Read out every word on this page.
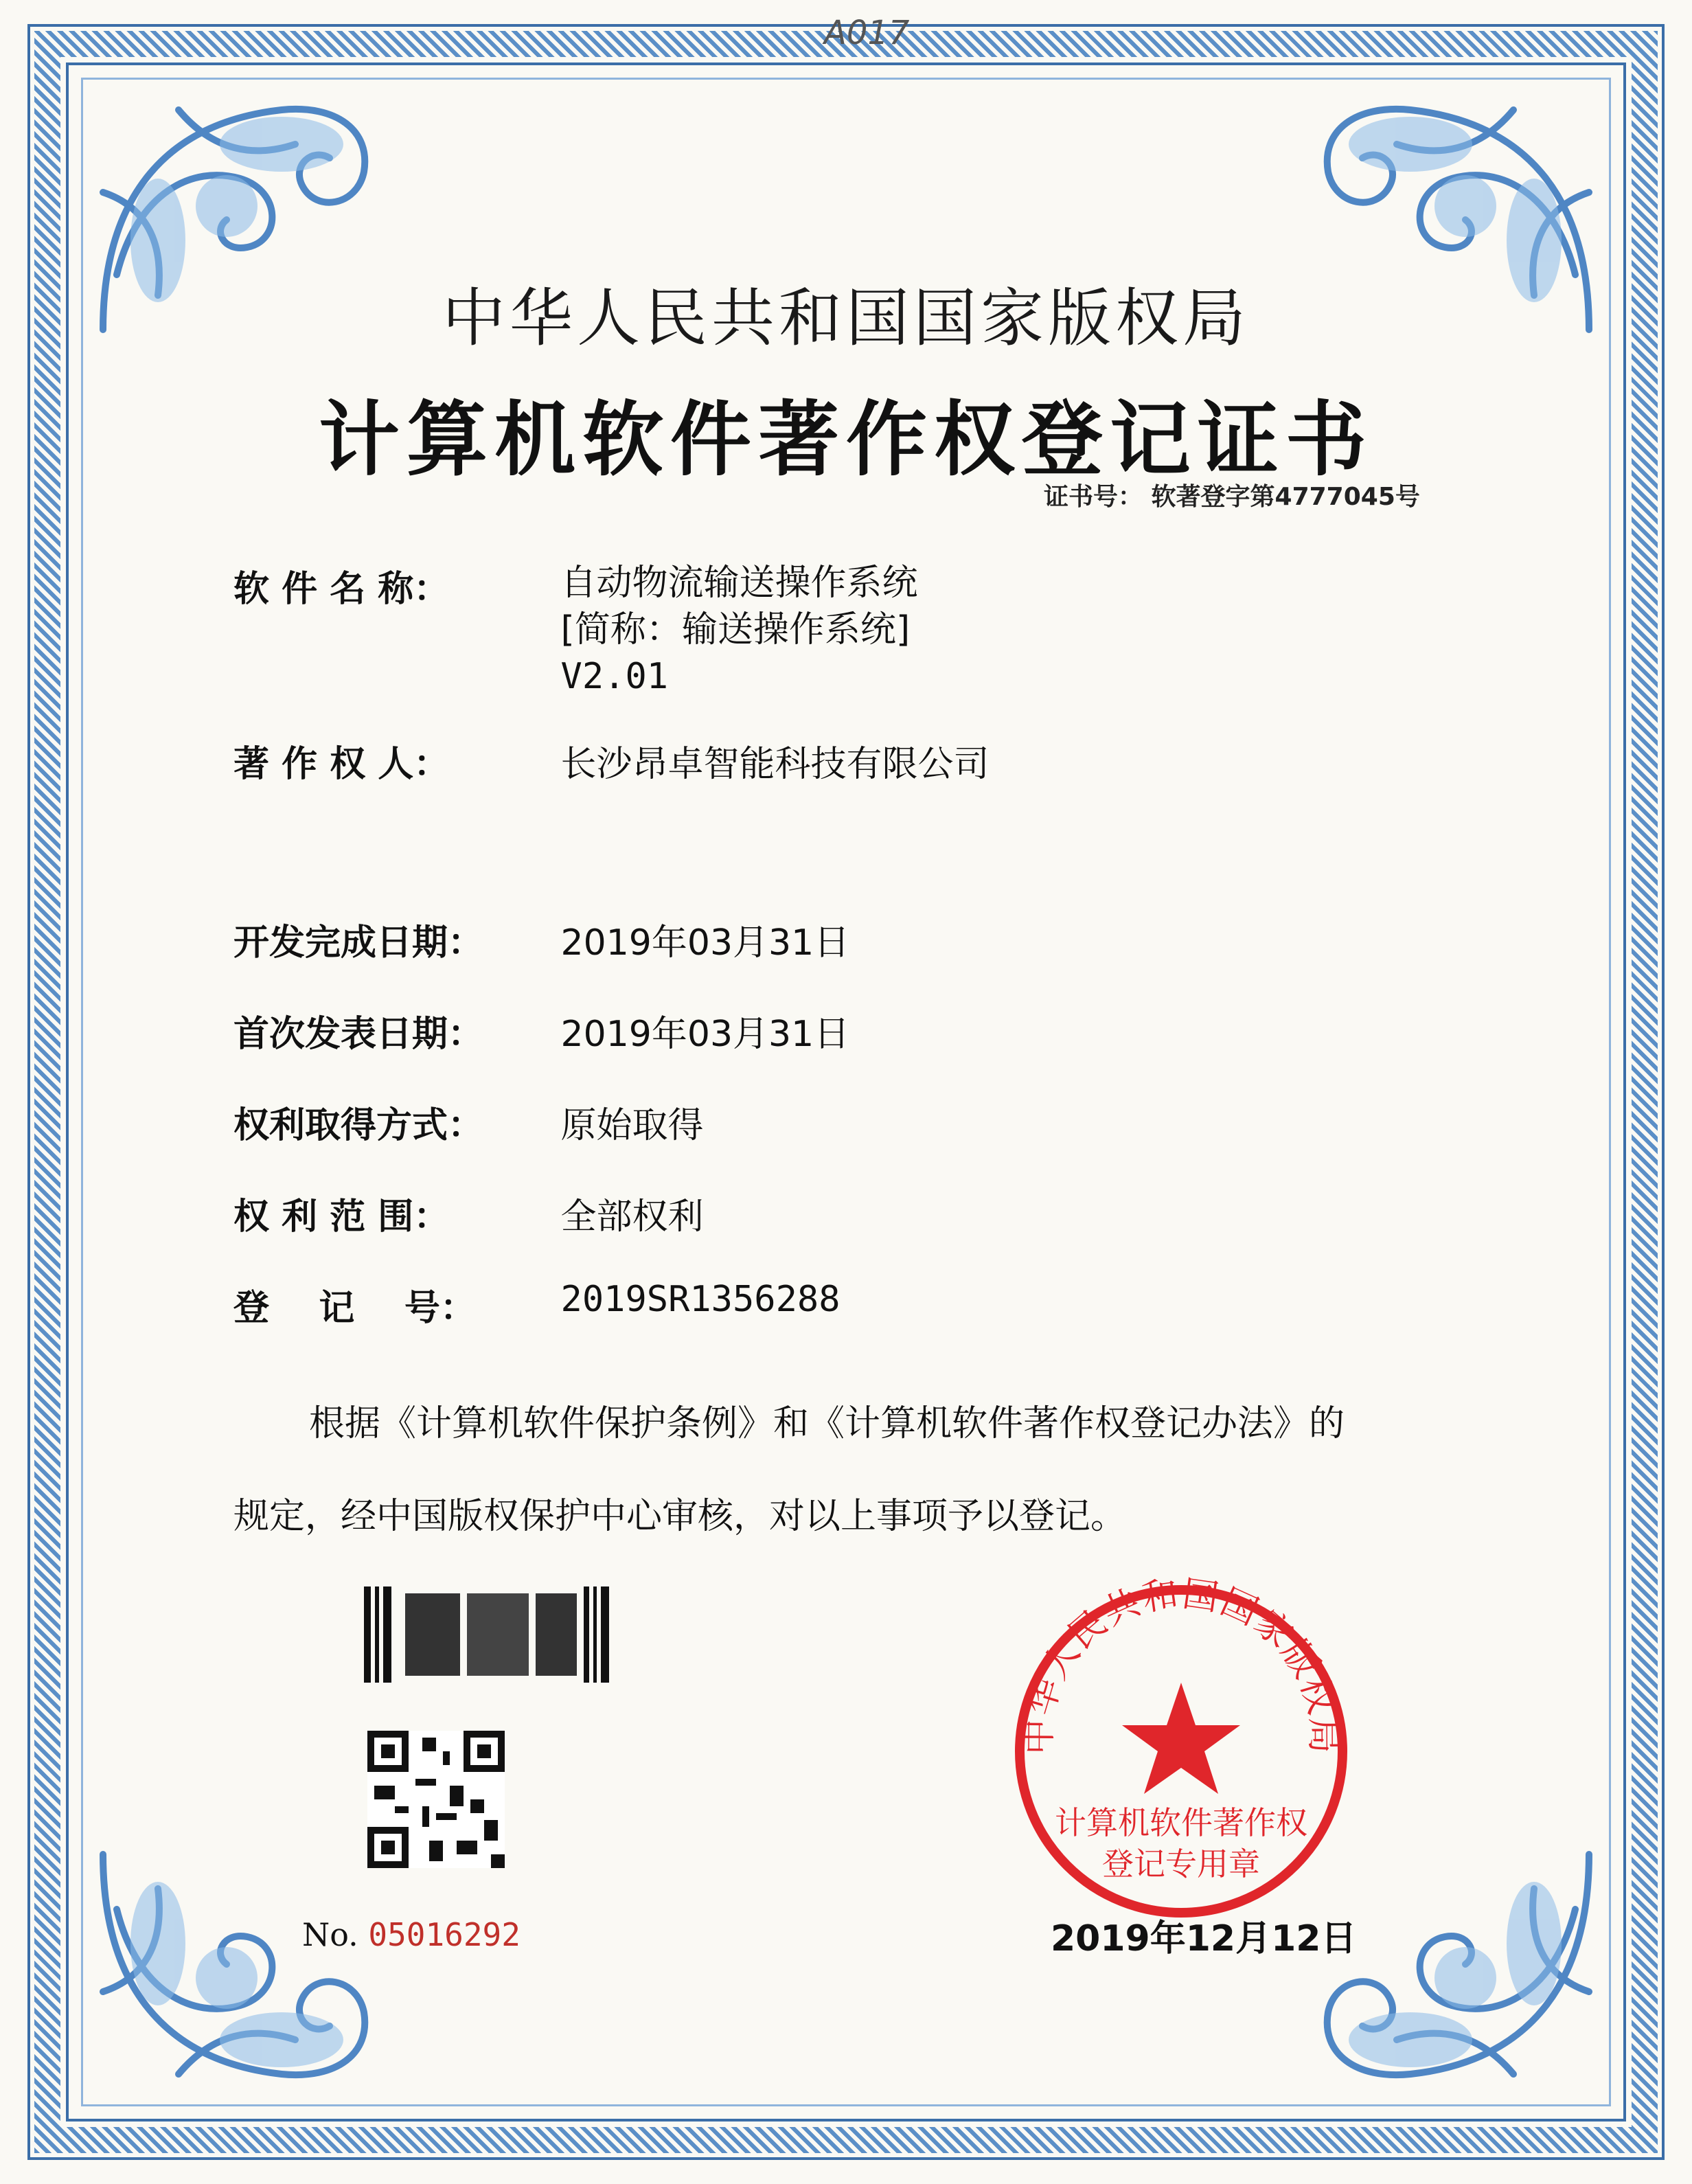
A017
中华人民共和国国家版权局
计算机软件著作权登记证书
证书号： 软著登字第4777045号
软 件 名 称：	自动物流输送操作系统
[简称：输送操作系统]
V2.01
著 作 权 人：	长沙昂卓智能科技有限公司
开发完成日期： 2019年03月31日
首次发表日期： 2019年03月31日
权利取得方式： 原始取得
权 利 范 围：	全部权利
登    记    号： 2019SR1356288
根据《计算机软件保护条例》和《计算机软件著作权登记办法》的
规定，经中国版权保护中心审核，对以上事项予以登记。
No. 05016292
中华人民共和国国家版权局
计算机软件著作权
登记专用章
2019年12月12日
